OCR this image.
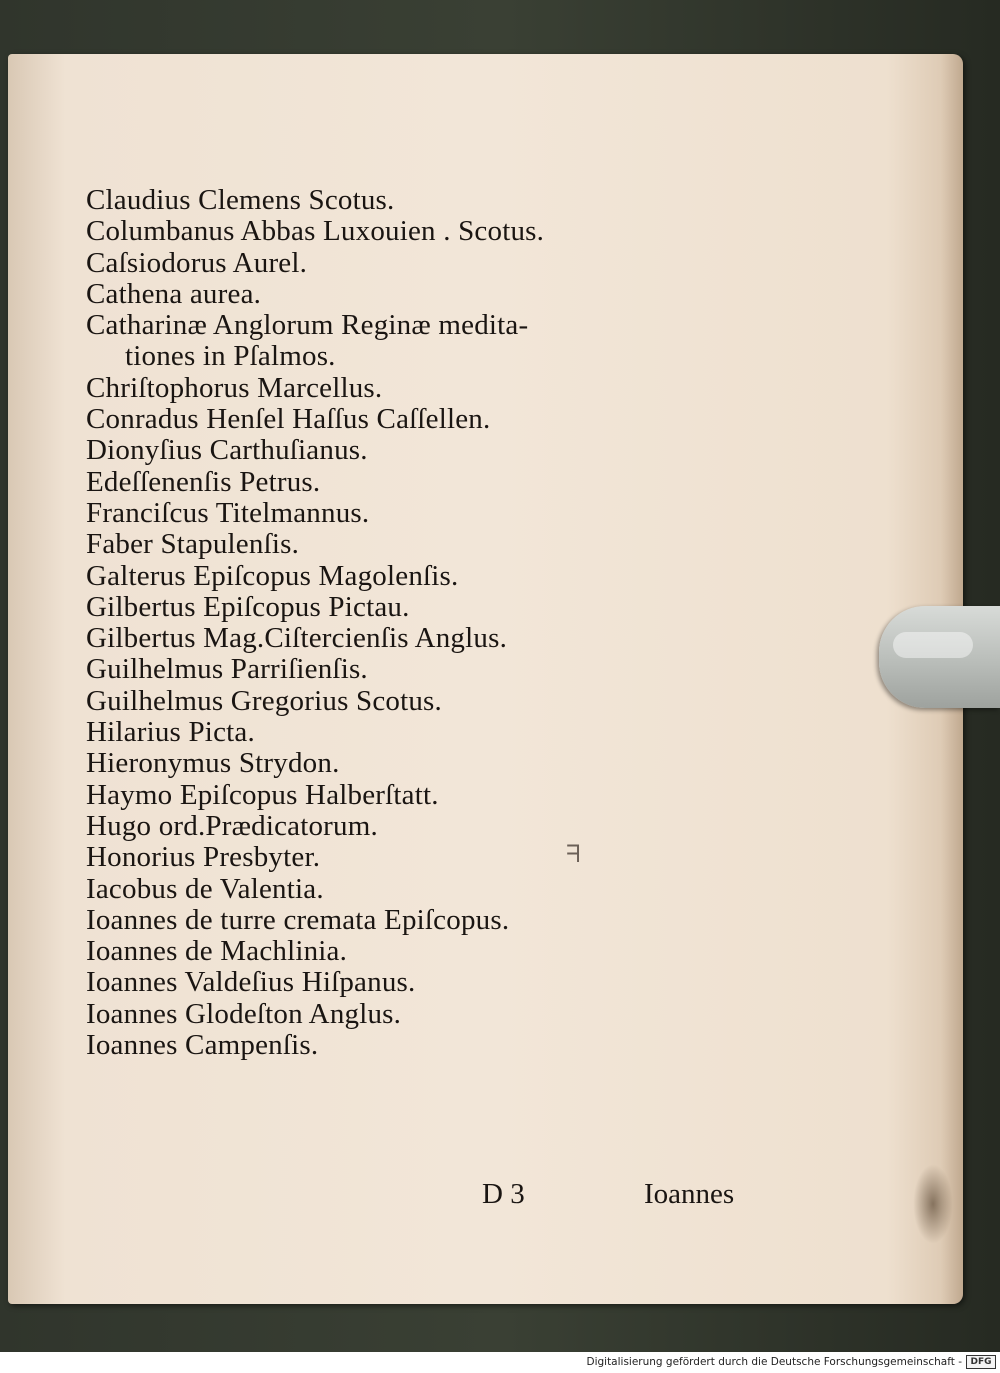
Claudius Clemens Scotus.
Columbanus Abbas Luxouien . Scotus.
Caſsiodorus Aurel.
Cathena aurea.
Catharinæ Anglorum Reginæ medita-
tiones in Pſalmos.
Chriſtophorus Marcellus.
Conradus Henſel Haſſus Caſſellen.
Dionyſius Carthuſianus.
Edeſſenenſis Petrus.
Franciſcus Titelmannus.
Faber Stapulenſis.
Galterus Epiſcopus Magolenſis.
Gilbertus Epiſcopus Pictau.
Gilbertus Mag.Ciſtercienſis Anglus.
Guilhelmus Parriſienſis.
Guilhelmus Gregorius Scotus.
Hilarius Picta.
Hieronymus Strydon.
Haymo Epiſcopus Halberſtatt.
Hugo ord.Prædicatorum.
Honorius Presbyter.
Iacobus de Valentia.
Ioannes de turre cremata Epiſcopus.
Ioannes de Machlinia.
Ioannes Valdeſius Hiſpanus.
Ioannes Glodeſton Anglus.
Ioannes Campenſis.
D 3	Ioannes
ᖷ
Digitalisierung gefördert durch die Deutsche Forschungsgemeinschaft - DFG
